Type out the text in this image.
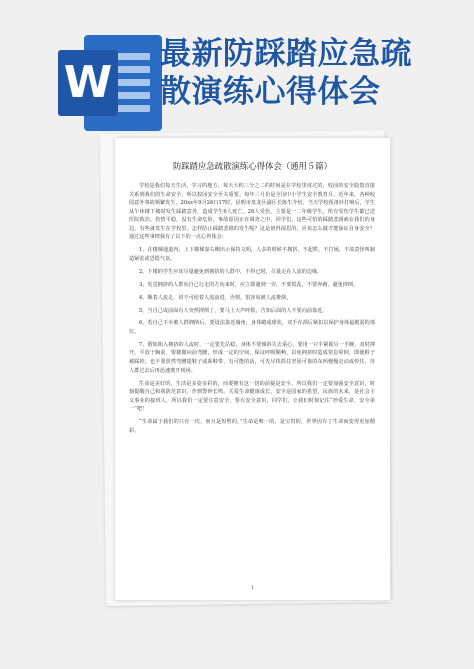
W
最新防踩踏应急疏
散演练心得体会
防踩踏应急疏散演练心得体会（通用５篇）

学校是我们每天生活、学习的地方，每天大约三分之二的时间是在学校里度过的，校园的安全隐患直接关系到我们的生命安全，所以校园安全至关重要。每年三月份是全国中小学生安全教育月，近年来，各种校园意外事故频繁发生，20xx年9月26日17时，昆明市盘龙区副区长陈生介绍，当天学校预备铃打响后，学生从午休楼下楼时发生踩踏意外，造成学生6人死亡，26人受伤，主要是一二年级学生，所有受伤学生都已送医院救治，伤情平稳，没有生命危险，事故原因正在调查之中。同学们，这些可怕的踩踏悲剧就在我们的身边，有些就发生在学校里。怎样防止踩踏悲剧的发生呢？这是值得深思的，应该怎么做才能保证自身安全？通过这些事情我有了以下的一点心得体会：

1、在楼梯通道内，上下楼梯靠右侧出示保持文明，人多的时候不拥挤，不起哄，不打闹，不故意怪叫制造紧张或恐慌气氛。

2、下楼的学生应该尽量避免到拥挤的人群中，不得已时，尽量走在人流的边缘。

3、发觉拥挤的人群向自己行走的方向来时，应立即避到一旁，不要慌乱，不要奔跑，避免摔倒。

4、顺着人流走，切不可逆着人流前进，否则，很容易被人流推倒。

5、当自己或前面有人突然摔倒了，要马上大声呼救，告知后面的人不要向前靠近。

6、若自己不幸被人群拥倒后，要设法靠近墙角，身体蜷成球状，双手在颈后紧扣以保护身体最脆弱的部位。

7、假如陷入拥挤的人流时，一定要先站稳，身体不要倾斜失去重心，要用一只手紧握另一手腕，双肘撑开，平放于胸前，要微微向前弯腰，形成一定的空间，保证呼吸顺畅，以免拥挤时造成窒息晕倒，即使鞋子被踩掉，也不要贸然弯腰提鞋子或系鞋带，有可能的话，可先尽快抓住坚固可靠的东西慢慢走动或停住，待人群过去后再迅速离开现场。

生命是美好的，生活是多姿多彩的，而要拥有这一切的前提是安全。所以我们一定要加强安全意识，时刻提醒自己和我防范意识，作到警钟长鸣，关爱生命健康成长，安全是国家的希望，民族的未来，是社会主义事业的接班人，所以我们一定要注意安全，要有安全意识，同学们，让我们时刻记住“珍爱生命，安全第一”吧！

“生命属于我们的只有一次，而且是短暂的，”生命是唯一的，是宝贵的，世界因有了生命而变得更加精彩。

1
